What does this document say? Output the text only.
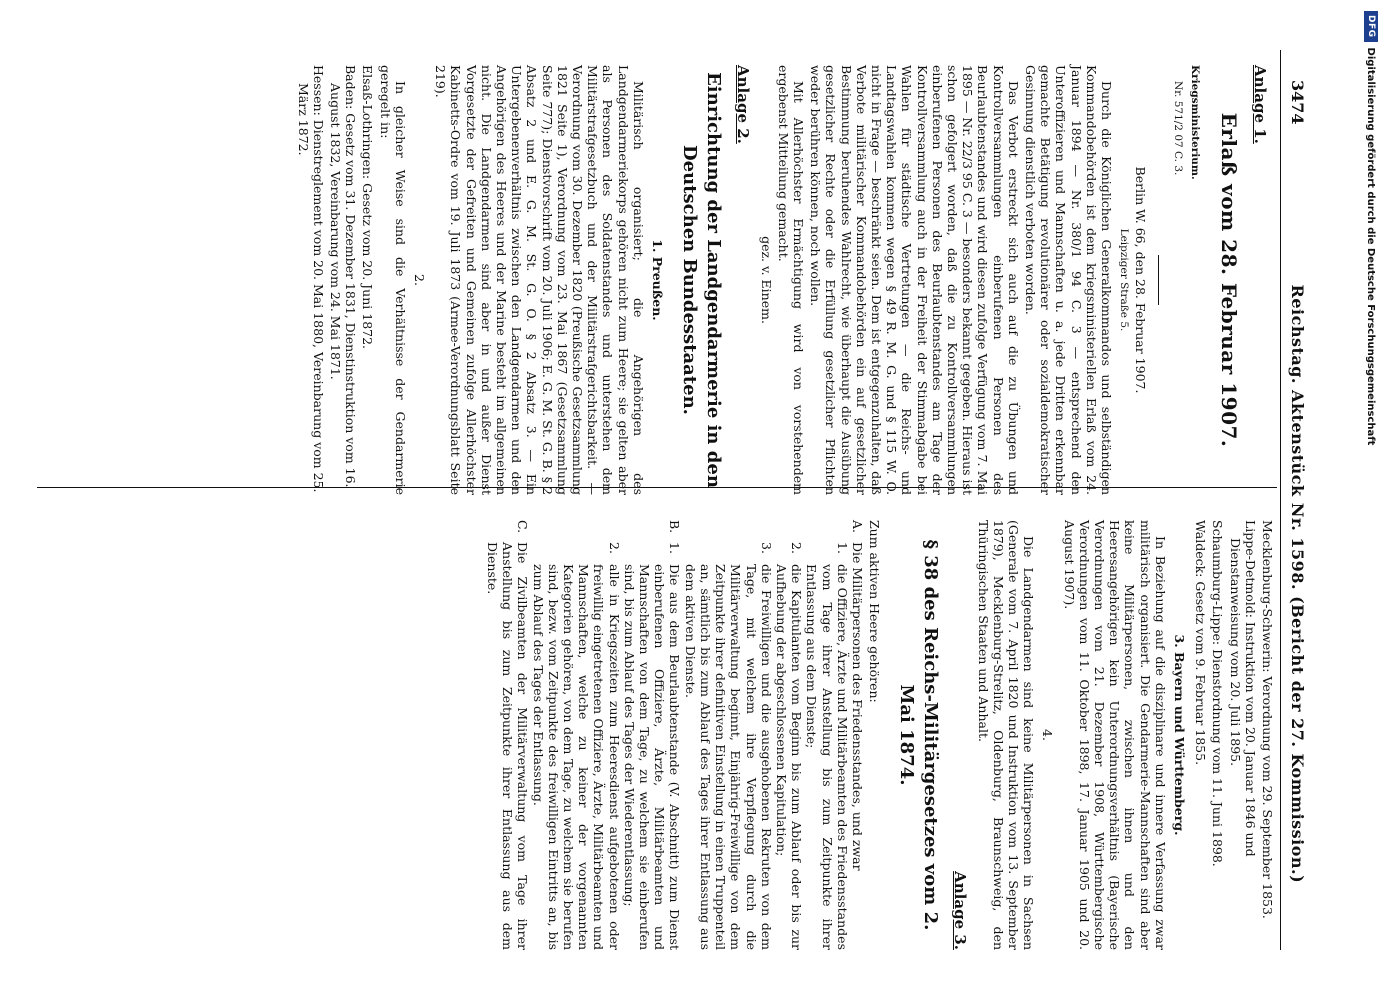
DFG
Digitalisierung gefördert durch die Deutsche Forschungsgemeinschaft
3474
Reichstag. Aktenstück Nr. 1598. (Bericht der 27. Kommission.)
Anlage 1.
Erlaß vom 28. Februar 1907.

Kriegsministerium.

Nr. 571/2 07 C. 3.

Berlin W. 66, den 28. Februar 1907.

Leipziger Straße 5.

Durch die Königlichen Generalkommandos und selbständigen Kommandobehörden ist dem kriegsministeriellen Erlaß vom 24. Januar 1894 — Nr. 380/1 94 C. 3 — entsprechend den Unteroffizieren und Mannschaften u. a. jede Dritten erkennbar gemachte Betätigung revolutionärer oder sozialdemokratischer Gesinnung dienstlich verboten worden.

Das Verbot erstreckt sich auch auf die zu Übungen und Kontrollversammlungen einberufenen Personen des Beurlaubtenstandes und wird diesen zufolge Verfügung vom 7. Mai 1895 — Nr. 22/3 95 C. 3 — besonders bekannt gegeben. Hieraus ist schon gefolgert worden, daß die zu Kontrollversammlungen einberufenen Personen des Beurlaubtenstandes am Tage der Kontrollversammlung auch in der Freiheit der Stimmabgabe bei Wahlen für städtische Vertretungen — die Reichs- und Landtagswahlen kommen wegen § 49 R. M. G. und § 115 W. O. nicht in Frage — beschränkt seien. Dem ist entgegenzuhalten, daß Verbote militärischer Kommandobehörden ein auf gesetzlicher Bestimmung beruhendes Wahlrecht, wie überhaupt die Ausübung gesetzlicher Rechte oder die Erfüllung gesetzlicher Pflichten weder berühren können, noch wollen.

Mit Allerhöchster Ermächtigung wird von vorstehendem ergebenst Mitteilung gemacht.

gez. v. Einem.

Anlage 2.
Einrichtung der Landgendarmerie in den Deutschen Bundesstaaten.
1. Preußen.

Militärisch organisiert; die Angehörigen des Landgendarmeriekorps gehören nicht zum Heere; sie gelten aber als Personen des Soldatenstandes und unterstehen dem Militärstrafgesetzbuch und der Militärstrafgerichtsbarkeit. — Verordnung vom 30. Dezember 1820 (Preußische Gesetzsammlung 1821 Seite 1), Verordnung vom 23. Mai 1867 (Gesetzsammlung Seite 777); Dienstvorschrift vom 20. Juli 1906; E. G. M. St. G. B. § 2 Absatz 2 und E. G. M. St. G. O. § 2 Absatz 3. — Ein Untergebenenverhältnis zwischen den Landgendarmen und den Angehörigen des Heeres und der Marine besteht im allgemeinen nicht. Die Landgendarmen sind aber in und außer Dienst Vorgesetzte der Gefreiten und Gemeinen zufolge Allerhöchster Kabinetts-Ordre vom 19. Juli 1873 (Armee-Verordnungsblatt Seite 219).

2.

In gleicher Weise sind die Verhältnisse der Gendarmerie geregelt in:

Elsaß-Lothringen: Gesetz vom 20. Juni 1872.

Baden: Gesetz vom 31. Dezember 1831, Dienstinstruktion vom 16. August 1832, Vereinbarung vom 24. Mai 1871.

Hessen: Dienstreglement vom 20. Mai 1880, Vereinbarung vom 25. März 1872.

Mecklenburg-Schwerin: Verordnung vom 29. September 1853.

Lippe-Detmold: Instruktion vom 20. Januar 1846 und Dienstanweisung vom 20. Juli 1895.

Schaumburg-Lippe: Dienstordnung vom 11. Juni 1898.

Waldeck: Gesetz vom 9. Februar 1855.

3. Bayern und Württemberg.

In Beziehung auf die disziplinare und innere Verfassung zwar militärisch organisiert. Die Gendarmerie-Mannschaften sind aber keine Militärpersonen, zwischen ihnen und den Heeresangehörigen kein Unterordnungsverhältnis (Bayerische Verordnungen vom 21. Dezember 1908, Württembergische Verordnungen vom 11. Oktober 1898, 17. Januar 1905 und 20. August 1907).

4.

Die Landgendarmen sind keine Militärpersonen in Sachsen (Generale vom 7. April 1820 und Instruktion vom 13. September 1879), Mecklenburg-Strelitz, Oldenburg, Braunschweig, den Thüringischen Staaten und Anhalt.

Anlage 3.
§ 38 des Reichs-Militärgesetzes vom 2. Mai 1874.

Zum aktiven Heere gehören:

A.
Die Militärpersonen des Friedensstandes, und zwar
1.
die Offiziere, Ärzte und Militärbeamten des Friedensstandes vom Tage ihrer Anstellung bis zum Zeitpunkte ihrer Entlassung aus dem Dienste;
2.
die Kapitulanten vom Beginn bis zum Ablauf oder bis zur Aufhebung der abgeschlossenen Kapitulation;
3.
die Freiwilligen und die ausgehobenen Rekruten von dem Tage, mit welchem ihre Verpflegung durch die Militärverwaltung beginnt, Einjährig-Freiwillige von dem Zeitpunkte ihrer definitiven Einstellung in einen Truppenteil an, sämtlich bis zum Ablauf des Tages ihrer Entlassung aus dem aktiven Dienste.
B.
1.
Die aus dem Beurlaubtenstande (V. Abschnitt) zum Dienst einberufenen Offiziere, Ärzte, Militärbeamten und Mannschaften von dem Tage, zu welchem sie einberufen sind, bis zum Ablauf des Tages der Wiederentlassung;
2.
alle in Kriegszeiten zum Heeresdienst aufgebotenen oder freiwillig eingetretenen Offiziere, Ärzte, Militärbeamten und Mannschaften, welche zu keiner der vorgenannten Kategorien gehören, von dem Tage, zu welchem sie berufen sind, bezw. vom Zeitpunkte des freiwilligen Eintritts an, bis zum Ablauf des Tages der Entlassung.
C.
Die Zivilbeamten der Militärverwaltung vom Tage ihrer Anstellung bis zum Zeitpunkte ihrer Entlassung aus dem Dienste.
